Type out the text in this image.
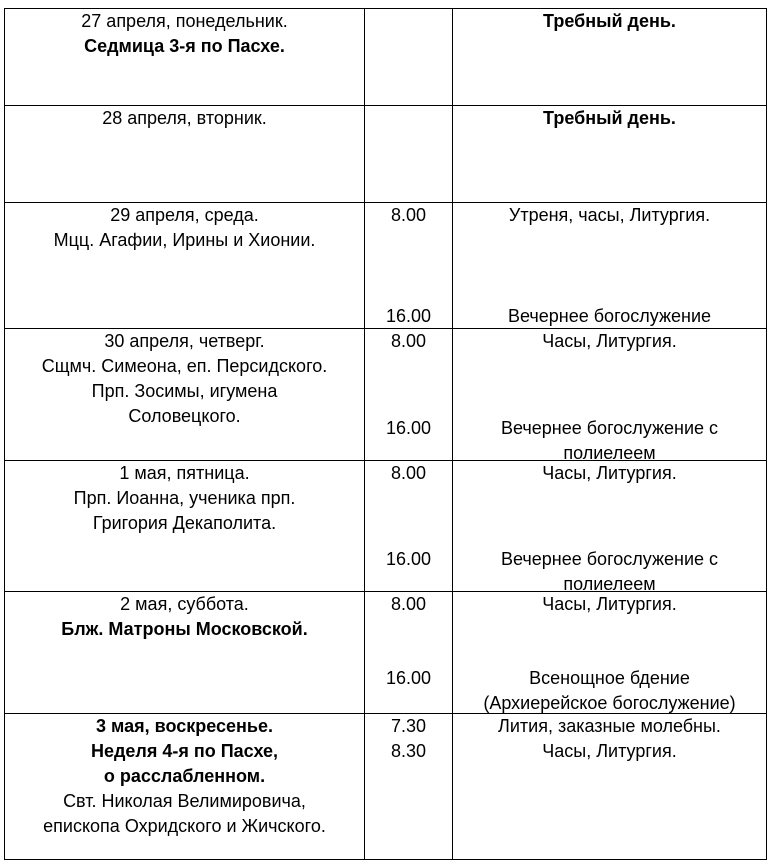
27 апреля, понедельник.
Седмица 3-я по Пасхе.
Требный день.
28 апреля, вторник.	Требный день.
29 апреля, среда.
Мцц. Агафии, Ирины и Хионии.
8.00
16.00
Утреня, часы, Литургия.
Вечернее богослужение
30 апреля, четверг.
Сщмч. Симеона, еп. Персидского.
Прп. Зосимы, игумена
Соловецкого.
8.00
16.00
Часы, Литургия.
Вечернее богослужение с
полиелеем
1 мая, пятница.
Прп. Иоанна, ученика прп.
Григория Декаполита.
8.00
16.00
Часы, Литургия.
Вечернее богослужение с
полиелеем
2 мая, суббота.
Блж. Матроны Московской.
8.00
16.00
Часы, Литургия.
Всенощное бдение
(Архиерейское богослужение)
3 мая, воскресенье.
Неделя 4-я по Пасхе,
о расслабленном.
Свт. Николая Велимировича,
епископа Охридского и Жичского.
7.30
8.30
Лития, заказные молебны.
Часы, Литургия.
